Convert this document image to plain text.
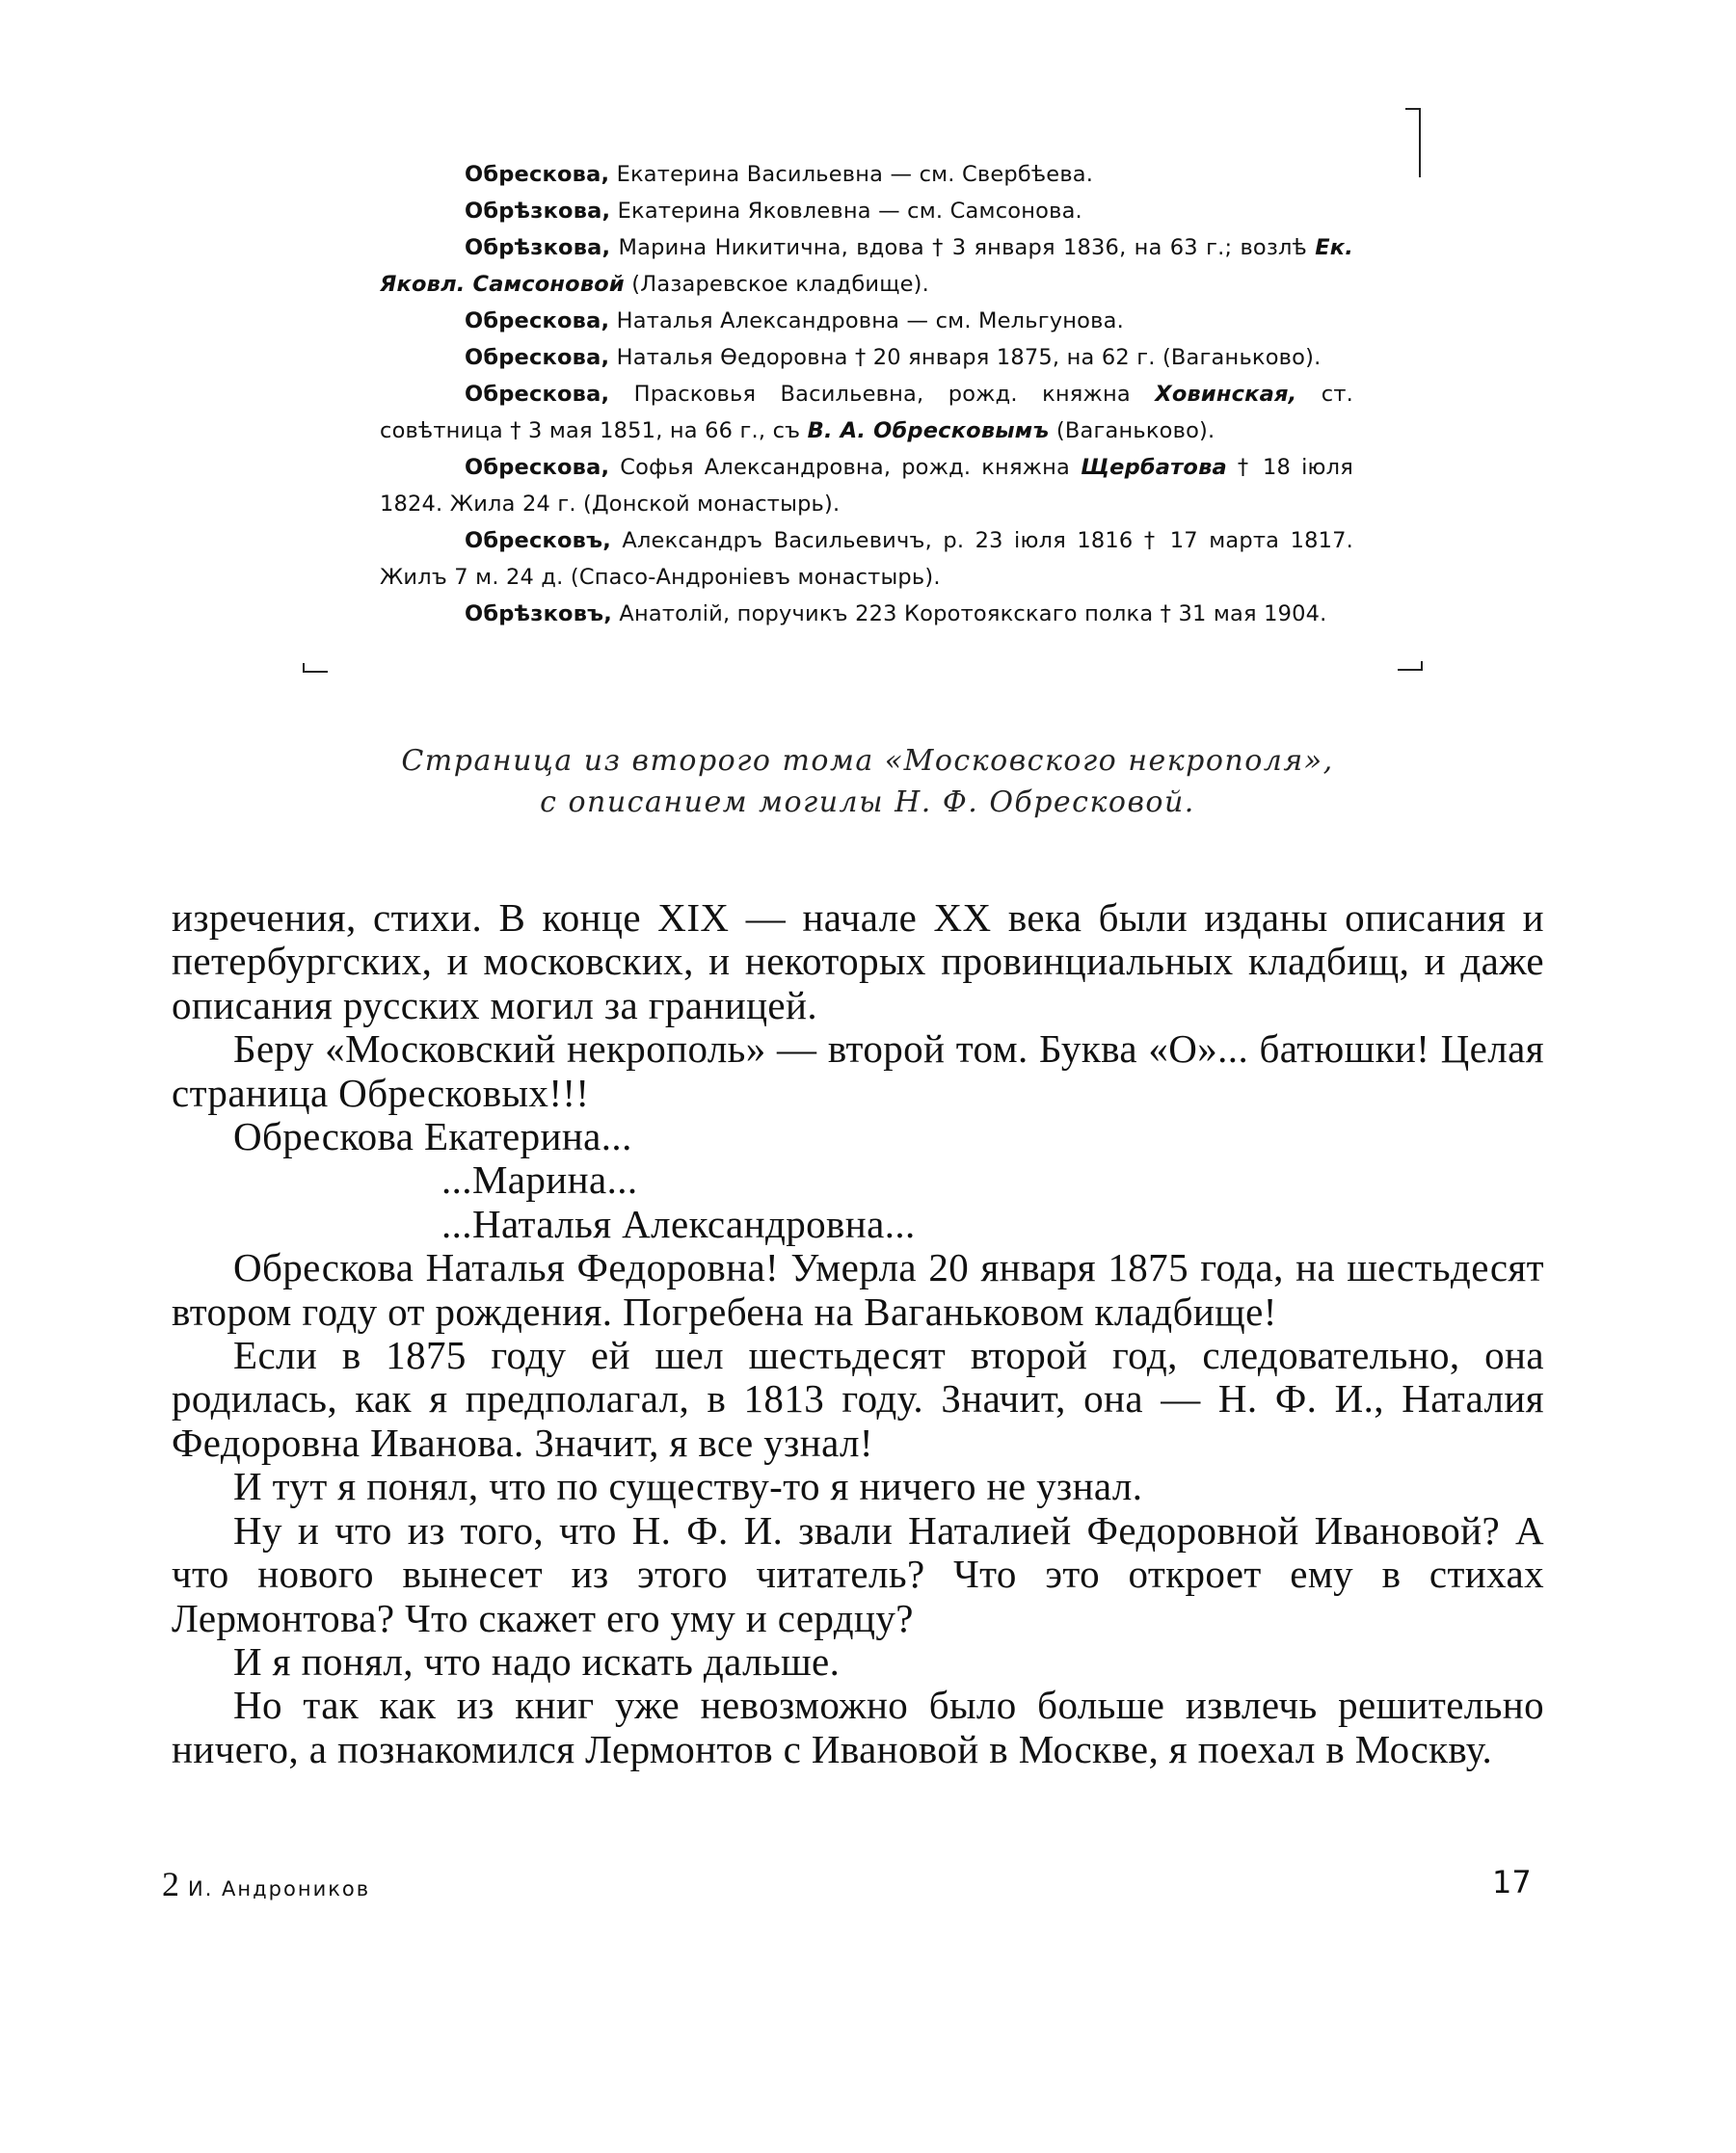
Обрескова, Екатерина Васильевна — см. Свербѣева.

Обрѣзкова, Екатерина Яковлевна — см. Самсонова.

Обрѣзкова, Марина Никитична, вдова † 3 января 1836, на 63 г.; возлѣ Ек. Яковл. Самсоновой (Лазаревское кладбище).

Обрескова, Наталья Александровна — см. Мельгунова.

Обрескова, Наталья Өедоровна † 20 января 1875, на 62 г. (Ваганьково).

Обрескова, Прасковья Васильевна, рожд. княжна Ховинская, ст. совѣтница † 3 мая 1851, на 66 г., съ В. А. Обресковымъ (Ваганьково).

Обрескова, Софья Александровна, рожд. княжна Щербатова † 18 іюля 1824. Жила 24 г. (Донской монастырь).

Обресковъ, Александръ Васильевичъ, р. 23 іюля 1816 † 17 марта 1817. Жилъ 7 м. 24 д. (Спасо-Андроніевъ монастырь).

Обрѣзковъ, Анатолій, поручикъ 223 Коротоякскаго полка † 31 мая 1904.

Страница из второго тома «Московского некрополя»,
с описанием могилы Н. Ф. Обресковой.

изречения, стихи. В конце XIX — начале XX века были изданы описания и петербургских, и московских, и некоторых провинциальных кладбищ, и даже описания русских могил за границей.

Беру «Московский некрополь» — второй том. Буква «О»... батюшки! Целая страница Обресковых!!!

Обрескова Екатерина...

...Марина...

...Наталья Александровна...

Обрескова Наталья Федоровна! Умерла 20 января 1875 года, на шестьдесят втором году от рождения. Погребена на Ваганьковом кладбище!

Если в 1875 году ей шел шестьдесят второй год, следовательно, она родилась, как я предполагал, в 1813 году. Значит, она — Н. Ф. И., Наталия Федоровна Иванова. Значит, я все узнал!

И тут я понял, что по существу-то я ничего не узнал.

Ну и что из того, что Н. Ф. И. звали Наталией Федоровной Ивановой? А что нового вынесет из этого читатель? Что это откроет ему в стихах Лермонтова? Что скажет его уму и сердцу?

И я понял, что надо искать дальше.

Но так как из книг уже невозможно было больше извлечь решительно ничего, а познакомился Лермонтов с Ивановой в Москве, я поехал в Москву.

2 И. Андроников	17
